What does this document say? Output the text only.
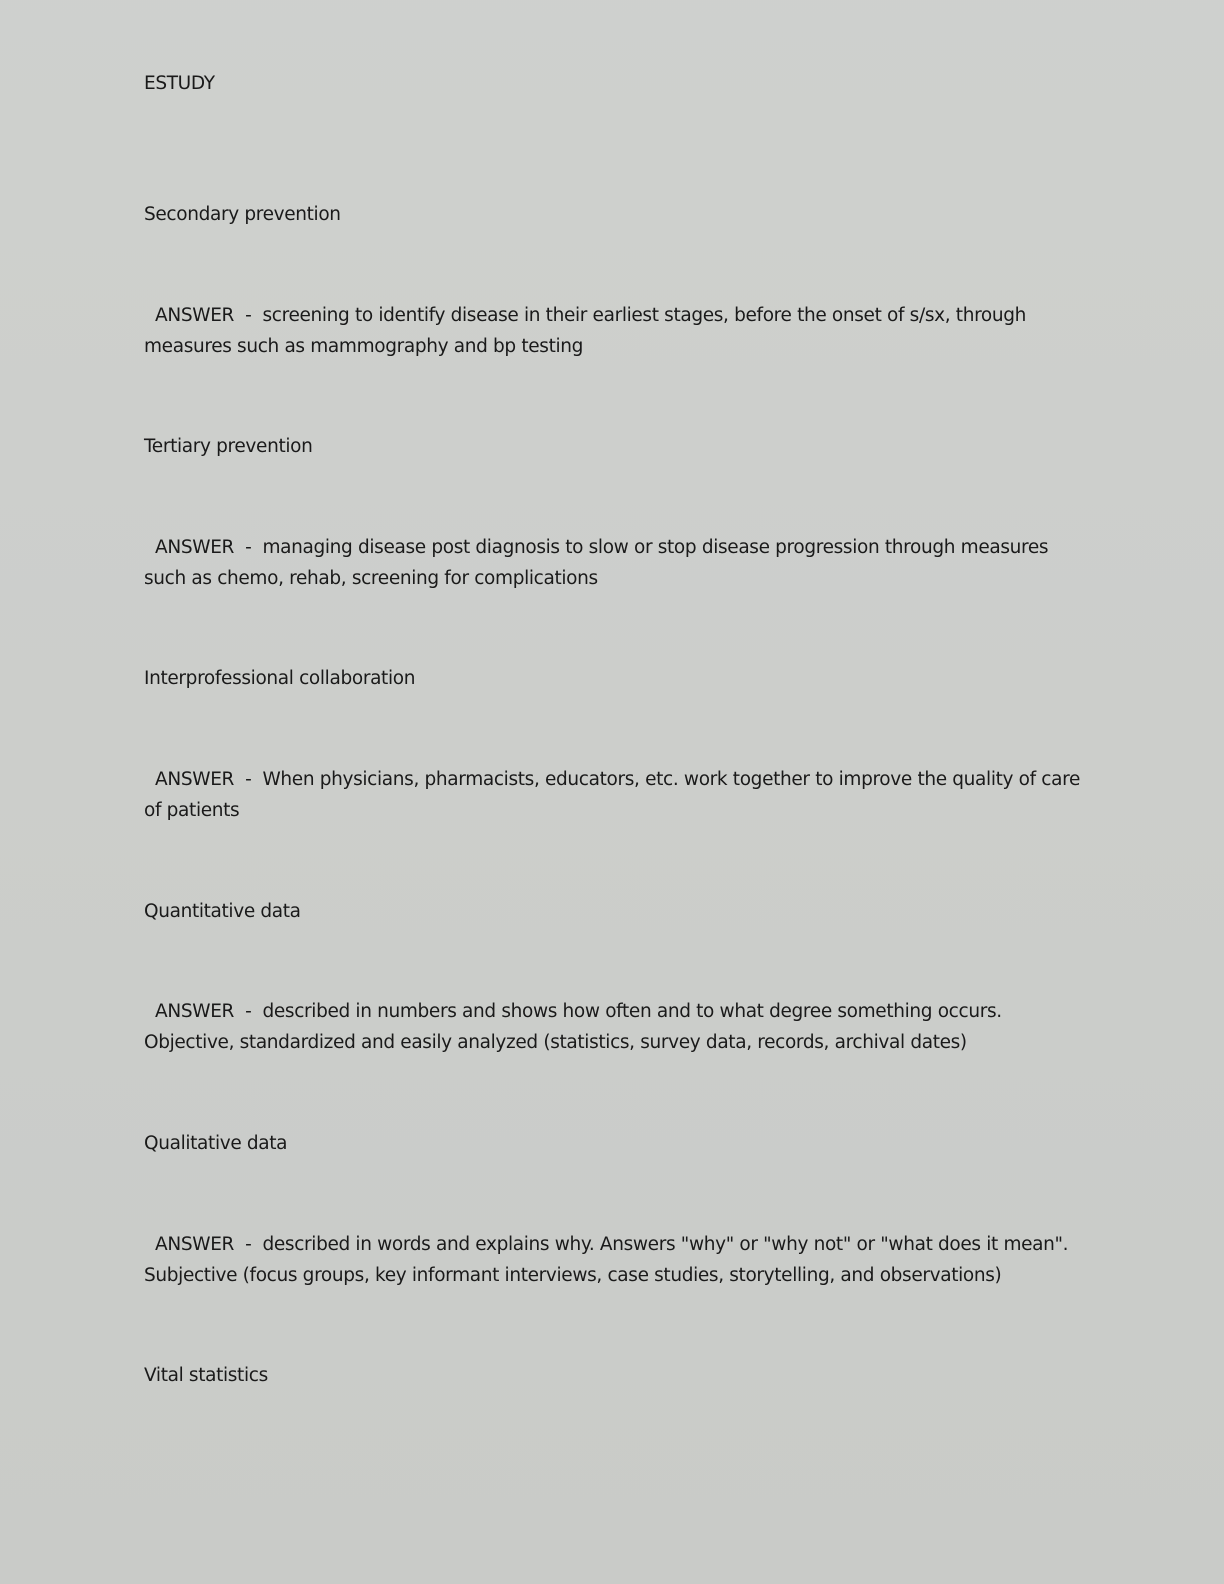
ESTUDY
Secondary prevention
ANSWER  -  screening to identify disease in their earliest stages, before the onset of s/sx, through measures such as mammography and bp testing
Tertiary prevention
ANSWER  -  managing disease post diagnosis to slow or stop disease progression through measures such as chemo, rehab, screening for complications
Interprofessional collaboration
ANSWER  -  When physicians, pharmacists, educators, etc. work together to improve the quality of care of patients
Quantitative data
ANSWER  -  described in numbers and shows how often and to what degree something occurs. Objective, standardized and easily analyzed (statistics, survey data, records, archival dates)
Qualitative data
ANSWER  -  described in words and explains why. Answers "why" or "why not" or "what does it mean". Subjective (focus groups, key informant interviews, case studies, storytelling, and observations)
Vital statistics
